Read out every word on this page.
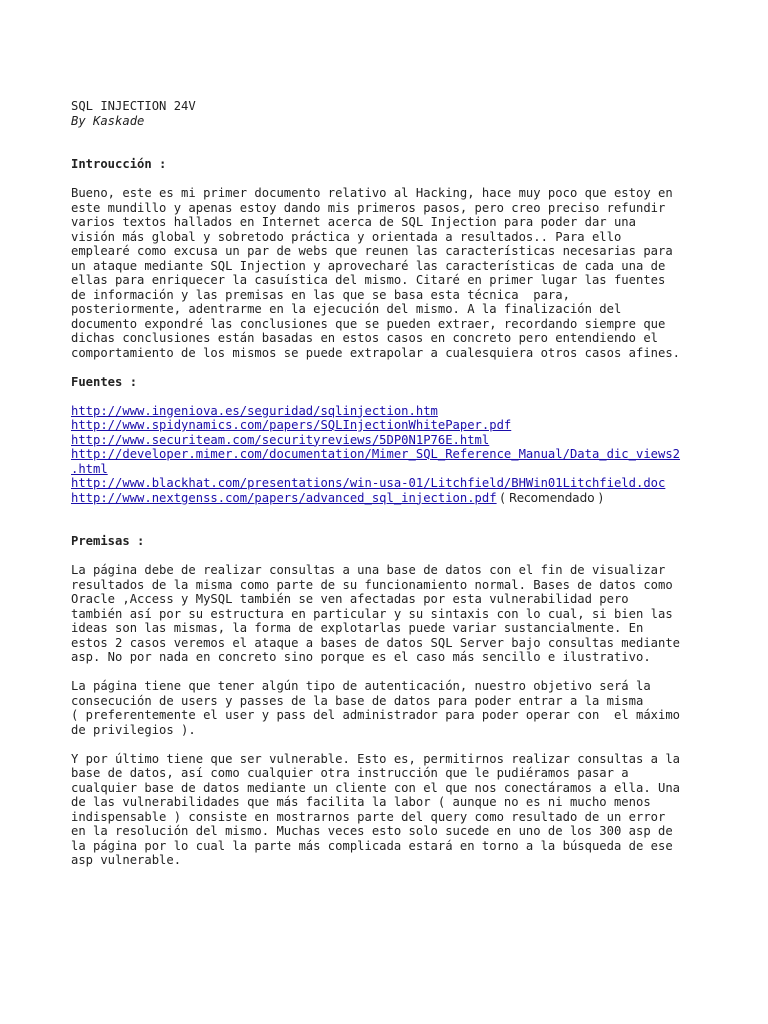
SQL INJECTION 24V
By Kaskade
Introucción :
Bueno, este es mi primer documento relativo al Hacking, hace muy poco que estoy en
este mundillo y apenas estoy dando mis primeros pasos, pero creo preciso refundir
varios textos hallados en Internet acerca de SQL Injection para poder dar una
visión más global y sobretodo práctica y orientada a resultados.. Para ello
emplearé como excusa un par de webs que reunen las características necesarias para
un ataque mediante SQL Injection y aprovecharé las características de cada una de
ellas para enriquecer la casuística del mismo. Citaré en primer lugar las fuentes
de información y las premisas en las que se basa esta técnica  para,
posteriormente, adentrarme en la ejecución del mismo. A la finalización del
documento expondré las conclusiones que se pueden extraer, recordando siempre que
dichas conclusiones están basadas en estos casos en concreto pero entendiendo el
comportamiento de los mismos se puede extrapolar a cualesquiera otros casos afines.
Fuentes :
http://www.ingeniova.es/seguridad/sqlinjection.htm
http://www.spidynamics.com/papers/SQLInjectionWhitePaper.pdf
http://www.securiteam.com/securityreviews/5DP0N1P76E.html
http://developer.mimer.com/documentation/Mimer_SQL_Reference_Manual/Data_dic_views2
.html
http://www.blackhat.com/presentations/win-usa-01/Litchfield/BHWin01Litchfield.doc
http://www.nextgenss.com/papers/advanced_sql_injection.pdf ( Recomendado )
Premisas :
La página debe de realizar consultas a una base de datos con el fin de visualizar
resultados de la misma como parte de su funcionamiento normal. Bases de datos como
Oracle ,Access y MySQL también se ven afectadas por esta vulnerabilidad pero
también así por su estructura en particular y su sintaxis con lo cual, si bien las
ideas son las mismas, la forma de explotarlas puede variar sustancialmente. En
estos 2 casos veremos el ataque a bases de datos SQL Server bajo consultas mediante
asp. No por nada en concreto sino porque es el caso más sencillo e ilustrativo.
La página tiene que tener algún tipo de autenticación, nuestro objetivo será la
consecución de users y passes de la base de datos para poder entrar a la misma
( preferentemente el user y pass del administrador para poder operar con  el máximo
de privilegios ).
Y por último tiene que ser vulnerable. Esto es, permitirnos realizar consultas a la
base de datos, así como cualquier otra instrucción que le pudiéramos pasar a
cualquier base de datos mediante un cliente con el que nos conectáramos a ella. Una
de las vulnerabilidades que más facilita la labor ( aunque no es ni mucho menos
indispensable ) consiste en mostrarnos parte del query como resultado de un error
en la resolución del mismo. Muchas veces esto solo sucede en uno de los 300 asp de
la página por lo cual la parte más complicada estará en torno a la búsqueda de ese
asp vulnerable.
